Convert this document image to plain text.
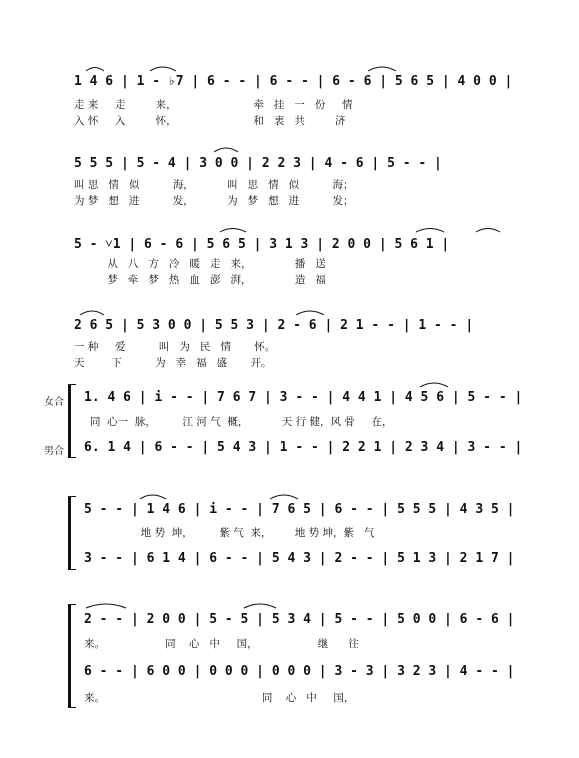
1 4 6 | 1 - ♭7 | 6 - - | 6 - - | 6 - 6 | 5 6 5 | 4 0 0 |
走 来     走         来，                       牵   挂   一   份     情
入 怀     入         怀，                       和   衷   共         济
5 5 5 | 5 - 4 | 3 0 0 | 2 2 3 | 4 - 6 | 5 - - |
叫 思   情   似          海，          叫   思   情   似          海；
为 梦   想   进          发，          为   梦   想   进          发；
5 - ˅1 | 6 - 6 | 5 6 5 | 3 1 3 | 2 0 0 | 5 6 1 |
从   八   方   冷   暖   走   来，             播   送
梦   牵   梦   热   血   澎   湃，             造   福
2 6 5 | 5 3 0 0 | 5 5 3 | 2 - 6 | 2 1 - - | 1 - - |
一 种     爱          叫   为   民   情       怀。
天        下          为   幸   福   盛       开。
女合
男合
1. 4 6 | i - - | 7 6 7 | 3 - - | 4 4 1 | 4 5 6 | 5 - - |
同  心一  脉，        江 河 气  概，          天 行 健，风 骨     在，
6. 1 4 | 6 - - | 5 4 3 | 1 - - | 2 2 1 | 2 3 4 | 3 - - |
5 - - | 1 4 6 | i - - | 7 6 5 | 6 - - | 5 5 5 | 4 3 5 |
地 势  坤，        紫 气  来，       地 势 坤，紫   气
3 - - | 6 1 4 | 6 - - | 5 4 3 | 2 - - | 5 1 3 | 2 1 7 |
2 - - | 2 0 0 | 5 - 5 | 5 3 4 | 5 - - | 5 0 0 | 6 - 6 |
来。                  同    心   中     国，                  继      往
6 - - | 6 0 0 | 0 0 0 | 0 0 0 | 3 - 3 | 3 2 3 | 4 - - |
来。                                               同    心   中     国，
